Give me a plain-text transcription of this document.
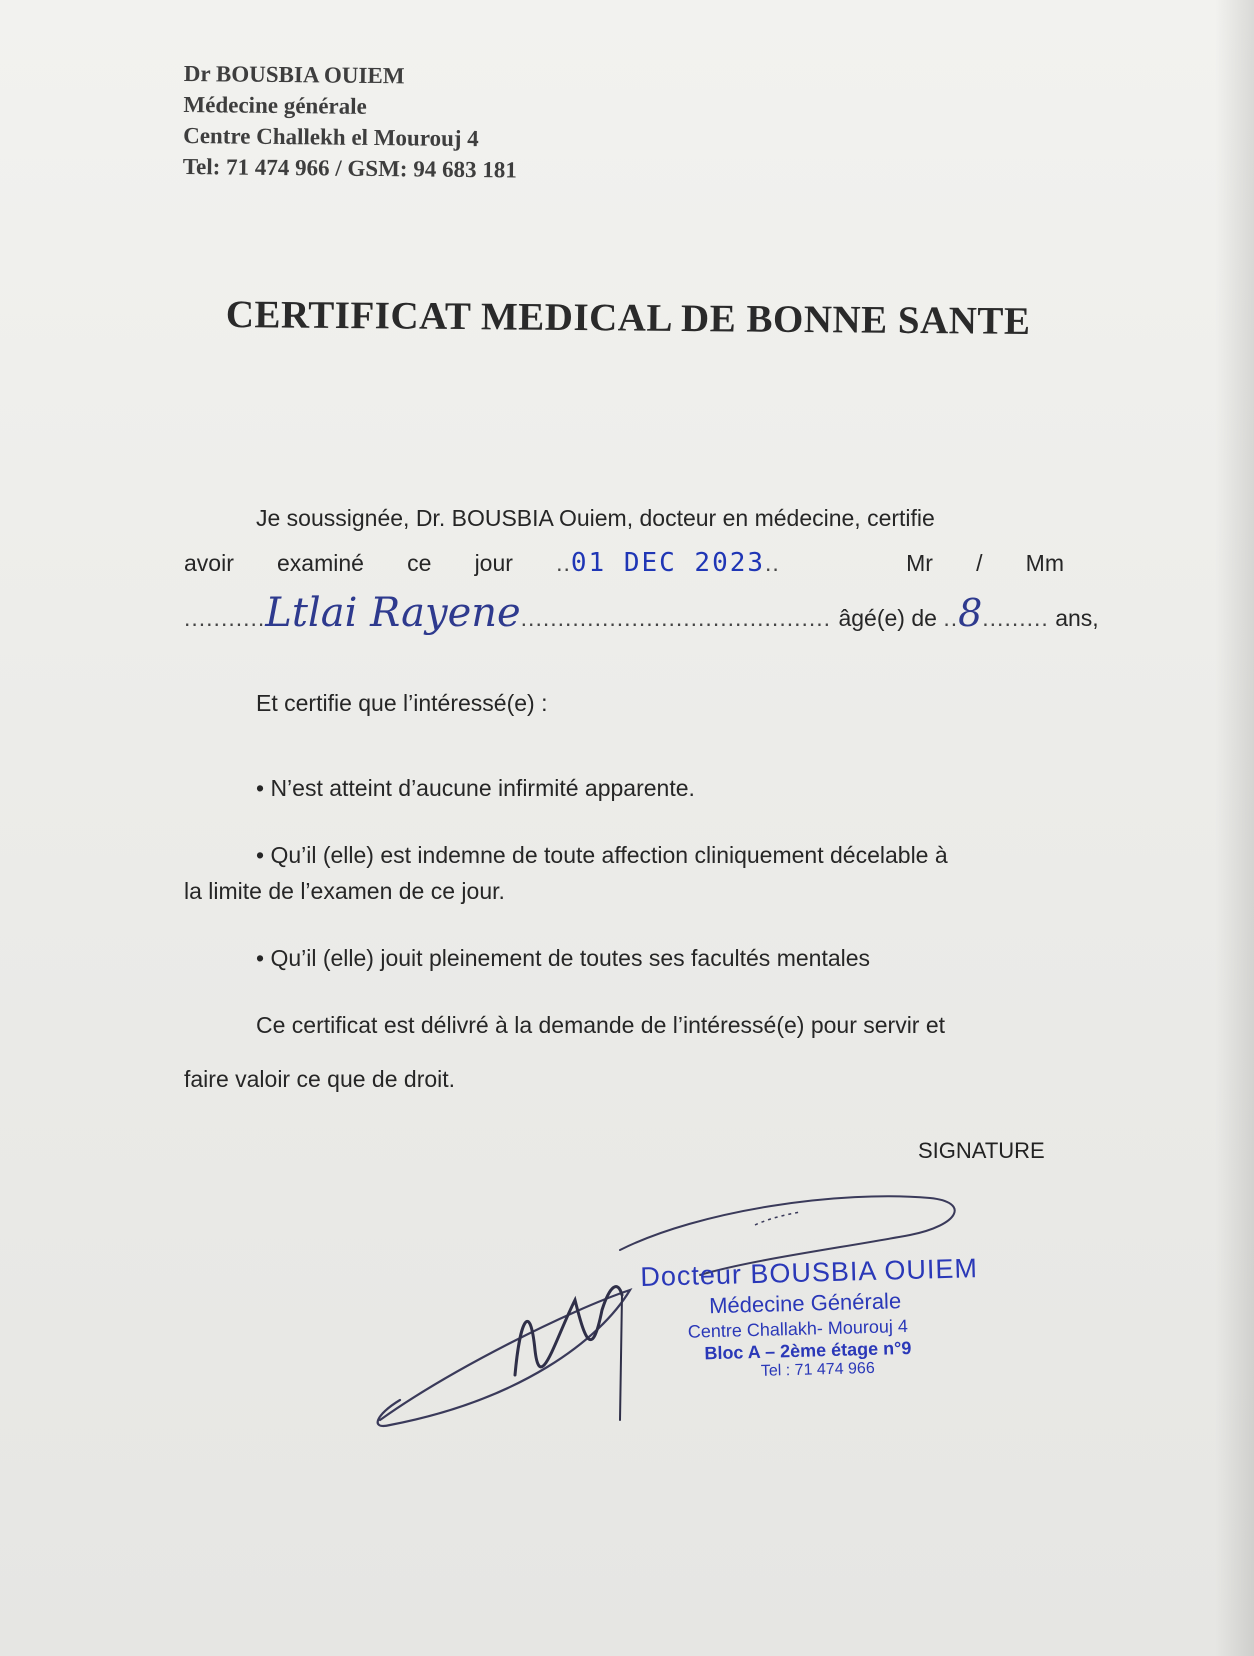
Dr BOUSBIA OUIEM
Médecine générale
Centre Challekh el Mourouj 4
Tel: 71 474 966 / GSM: 94 683 181
CERTIFICAT MEDICAL DE BONNE SANTE
Je soussignée, Dr. BOUSBIA Ouiem, docteur en médecine, certifie
avoir examiné ce jour ..01 DEC 2023..	Mr / Mm
...........Ltlai Rayene.......................................... âgé(e) de ..8......... ans,
Et certifie que l’intéressé(e) :
• N’est atteint d’aucune infirmité apparente.
• Qu’il (elle) est indemne de toute affection cliniquement décelable à
la limite de l’examen de ce jour.
• Qu’il (elle) jouit pleinement de toutes ses facultés mentales
Ce certificat est délivré à la demande de l’intéressé(e) pour servir et
faire valoir ce que de droit.
SIGNATURE
Docteur BOUSBIA OUIEM
Médecine Générale
Centre Challakh- Mourouj 4
Bloc A – 2ème étage n°9
Tel : 71 474 966
